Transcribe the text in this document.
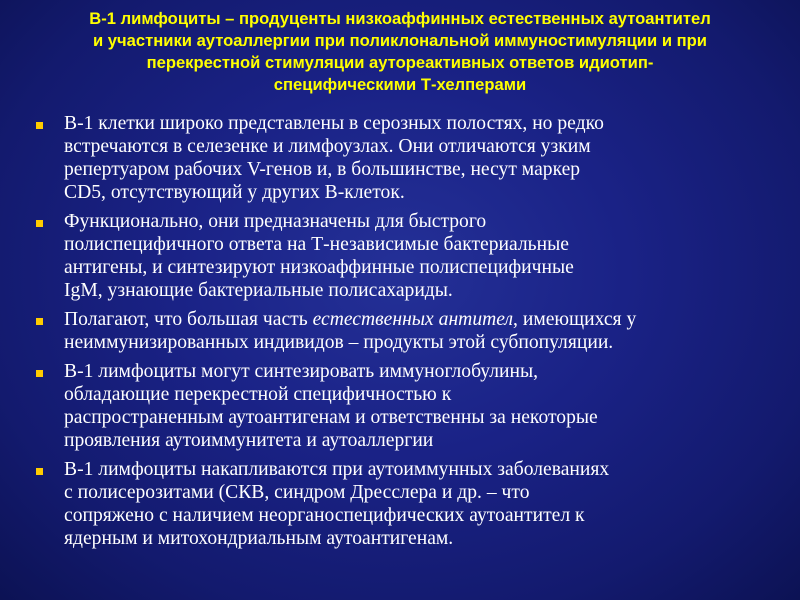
B-1 лимфоциты – продуценты низкоаффинных естественных аутоантител
и участники аутоаллергии при поликлональной иммуностимуляции и при
перекрестной стимуляции аутореактивных ответов идиотип-
специфическими Т-хелперами
В-1 клетки широко представлены в серозных полостях, но редко
встречаются в селезенке и лимфоузлах. Они отличаются узким
репертуаром рабочих V-генов и, в большинстве, несут маркер
CD5, отсутствующий у других В-клеток.
Функционально, они предназначены для быстрого
полиспецифичного ответа на Т-независимые бактериальные
антигены, и синтезируют низкоаффинные полиспецифичные
IgM, узнающие бактериальные полисахариды.
Полагают, что большая часть естественных антител, имеющихся у
неиммунизированных индивидов – продукты этой субпопуляции.
В-1 лимфоциты могут синтезировать иммуноглобулины,
обладающие перекрестной специфичностью к
распространенным аутоантигенам и ответственны за некоторые
проявления аутоиммунитета и аутоаллергии
В-1 лимфоциты накапливаются при аутоиммунных заболеваниях
с полисерозитами (СКВ, синдром Дресслера и др. – что
сопряжено с наличием неорганоспецифических аутоантител к
ядерным и митохондриальным аутоантигенам.
